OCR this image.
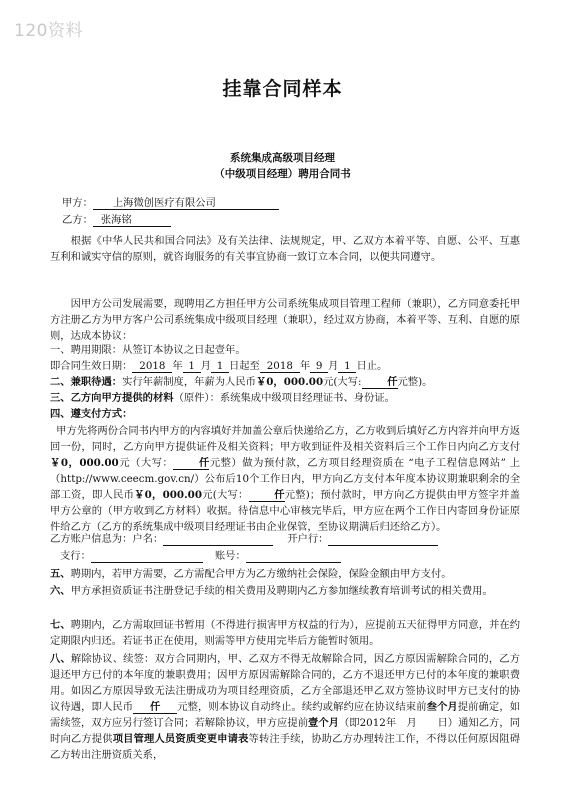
120资料
挂靠合同样本
系统集成高级项目经理
（中级项目经理）聘用合同书
甲方： 上海微创医疗有限公司
乙方： 张海铭
根据《中华人民共和国合同法》及有关法律、法规规定，甲、乙双方本着平等、自愿、公平、互惠互利和诚实守信的原则，就咨询服务的有关事宜协商一致订立本合同，以便共同遵守。
因甲方公司发展需要，现聘用乙方担任甲方公司系统集成项目管理工程师（兼职），乙方同意委托甲方注册乙方为甲方客户公司系统集成中级项目经理（兼职），经过双方协商，本着平等、互利、自愿的原则，达成本协议：
一、聘用期限：从签订本协议之日起壹年。
即合同生效日期： 2018 年 1 月 1 日起至 2018 年 9 月 1 日止。
二、兼职待遇：实行年薪制度，年薪为人民币￥0，000.00元(大写: 仟元整)。
三、乙方向甲方提供的材料（原件）：系统集成中级项目经理证书、身份证。
四、遵支付方式：
甲方先将两份合同书内甲方的内容填好并加盖公章后快递给乙方，乙方收到后填好乙方内容并向甲方返回一份，同时，乙方向甲方提供证件及相关资料；甲方收到证件及相关资料后三个工作日内向乙方支付￥0，000.00元（大写： 仟元整）做为预付款，乙方项目经理资质在 “电子工程信息网站” 上（http://www.ceecm.gov.cn/）公布后10个工作日内，甲方向乙方支付本年度本协议期兼职剩余的全部工资，即人民币￥0，000.00元(大写： 仟元整)；预付款时，甲方向乙方提供由甲方签字并盖甲方公章的（甲方收到乙方材料）收据。待信息中心审核完毕后，甲方应在两个工作日内寄回身份证原件给乙方（乙方的系统集成中级项目经理证书由企业保管，至协议期满后归还给乙方）。
乙方账户信息为：户名：	开户行：
支行：	账号：
五、聘期内，若甲方需要，乙方需配合甲方为乙方缴纳社会保险，保险金额由甲方支付。
六、甲方承担资质证书注册登记手续的相关费用及聘期内乙方参加继续教育培训考试的相关费用。
七、聘期内，乙方需取回证书暂用（不得进行损害甲方权益的行为），应提前五天征得甲方同意，并在约定期限内归还。若证书正在使用，则需等甲方使用完毕后方能暂时领用。
八、解除协议、续签：双方合同期内，甲、乙双方不得无故解除合同，因乙方原因需解除合同的，乙方退还甲方已付的本年度的兼职费用；因甲方原因需解除合同的，乙方不退还甲方已付的本年度的兼职费用。如因乙方原因导致无法注册成功为项目经理资质，乙方全部退还甲乙双方签协议时甲方已支付的协议待遇，即人民币 仟 元整，则本协议自动终止。续约或解约应在协议结束前叁个月提前确定，如需续签，双方应另行签订合同；若解除协议，甲方应提前壹个月（即2012年　月　　日）通知乙方，同时向乙方提供项目管理人员资质变更申请表等转注手续，协助乙方办理转注工作，不得以任何原因阻碍乙方转出注册资质关系，
